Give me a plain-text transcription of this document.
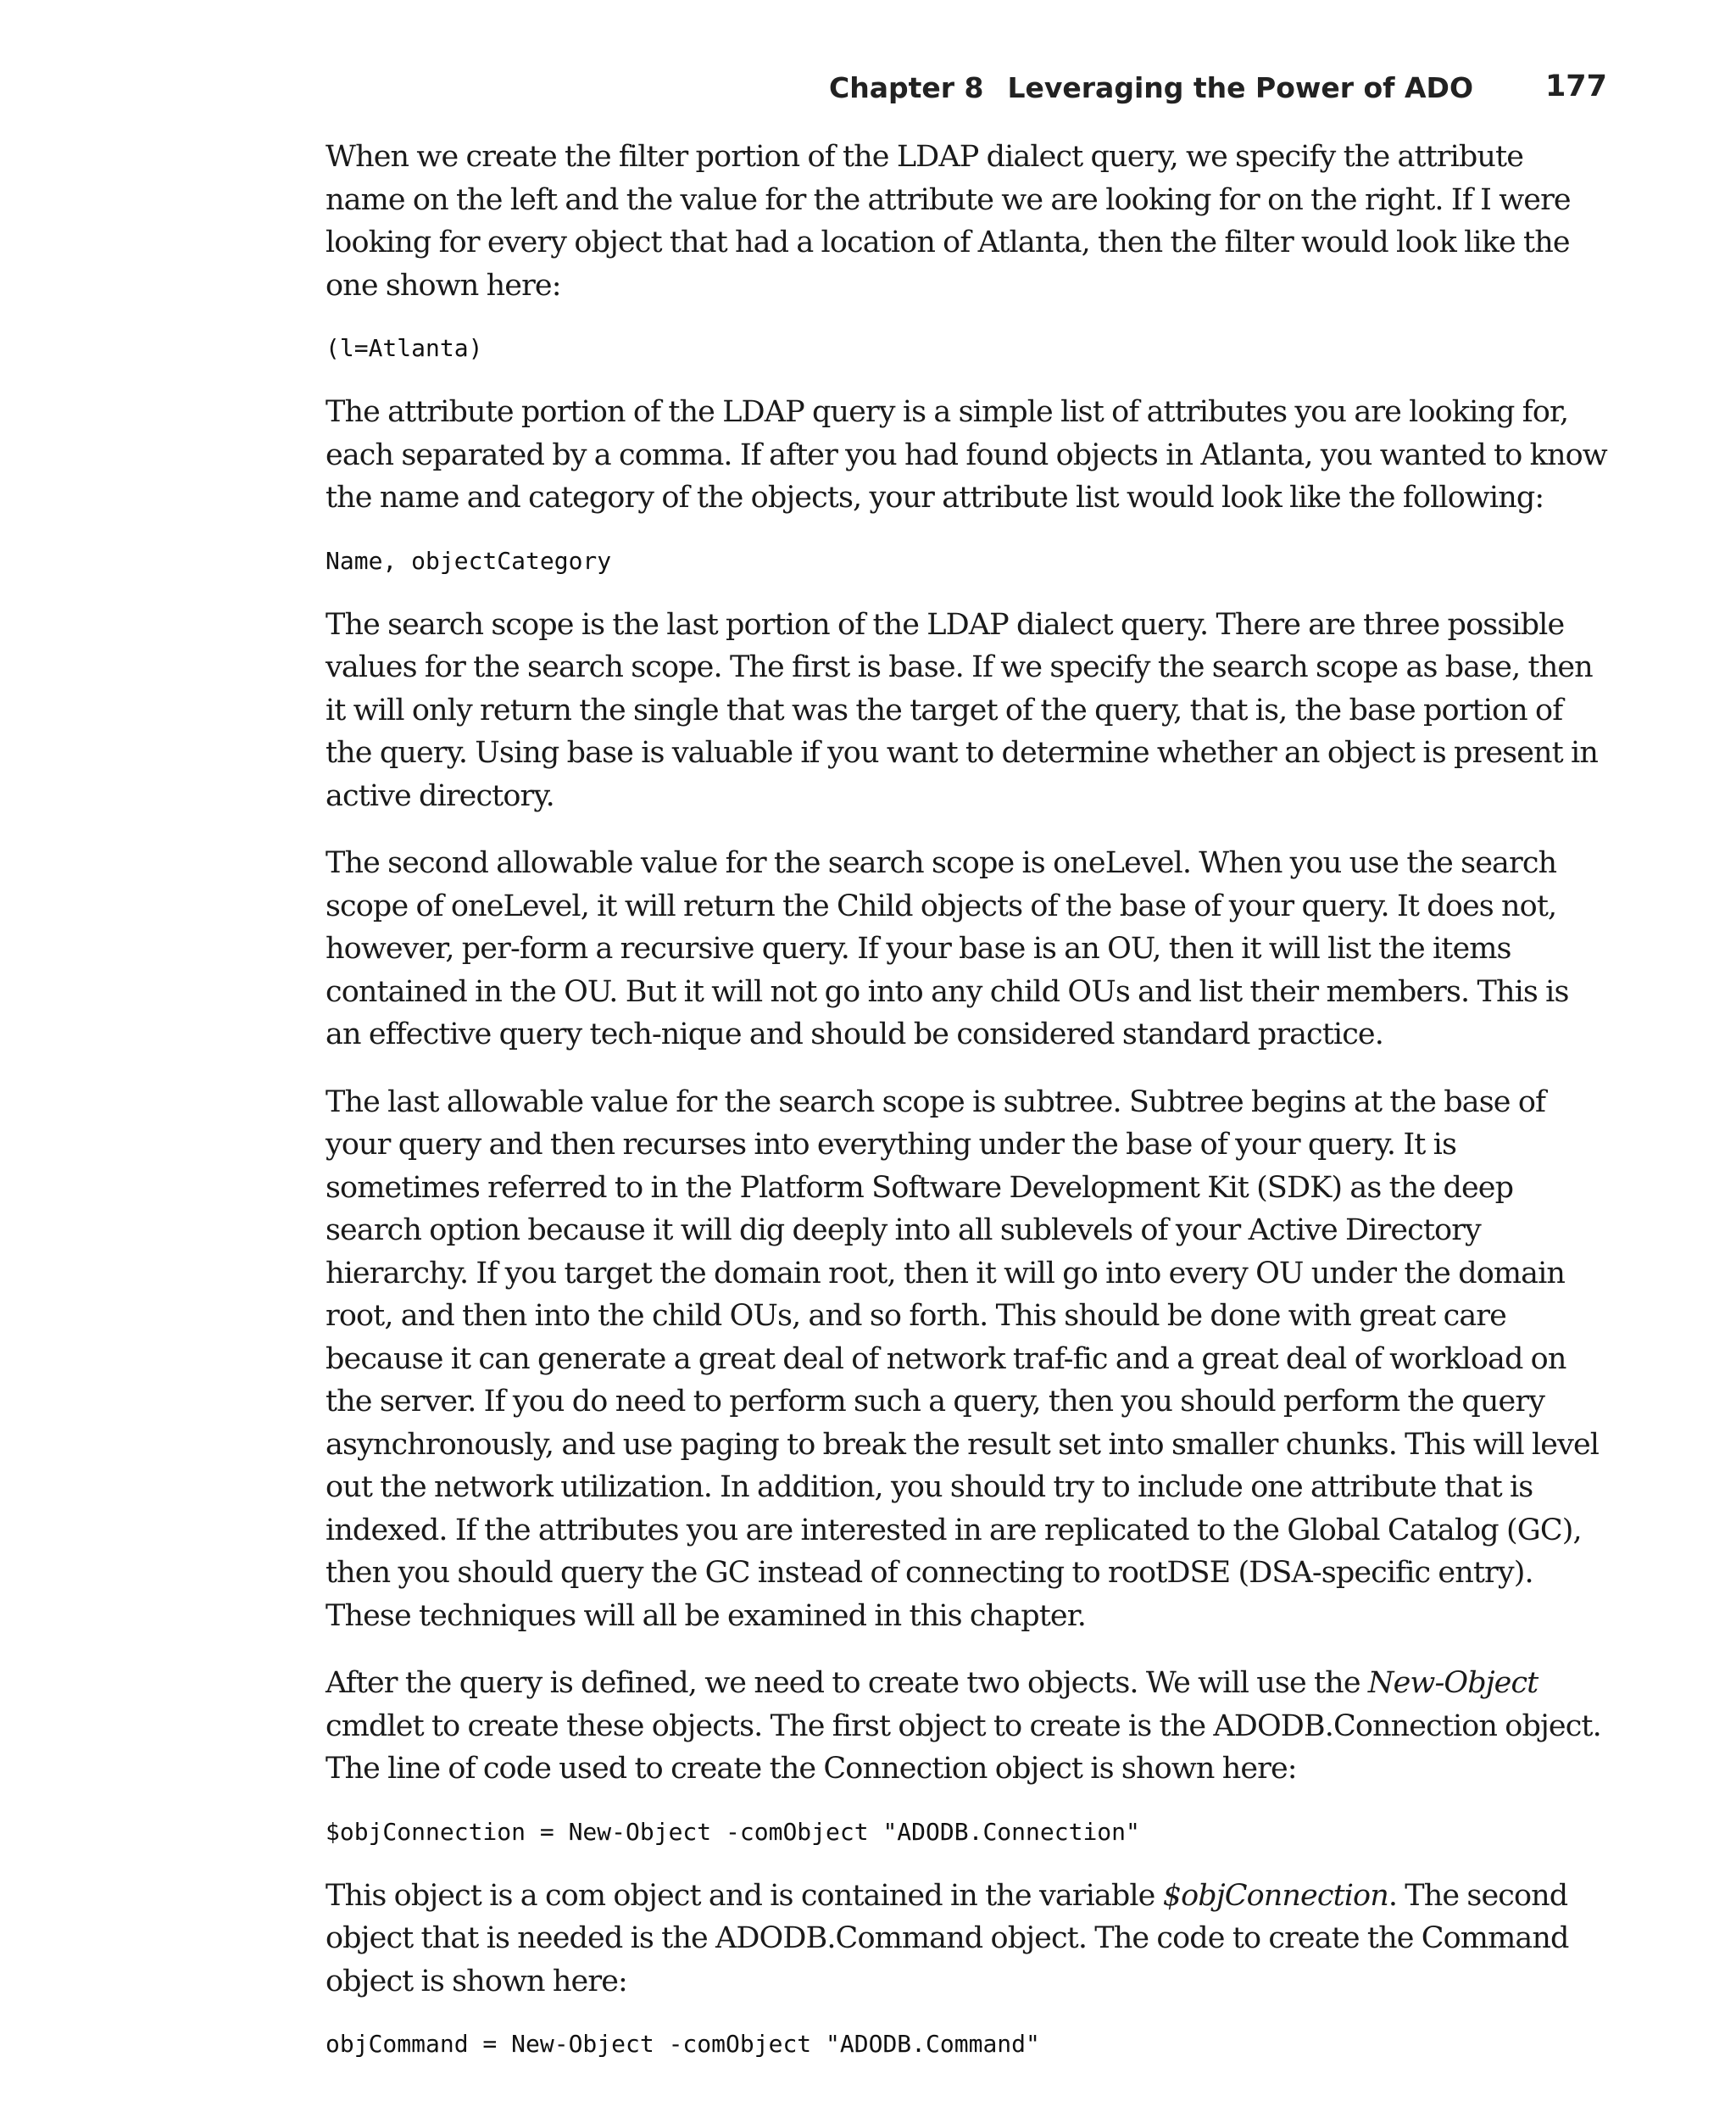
Chapter 8 Leveraging the Power of ADO 177

When we create the filter portion of the LDAP dialect query, we specify the attribute name on the left and the value for the attribute we are looking for on the right. If I were looking for every object that had a location of Atlanta, then the filter would look like the one shown here:

(l=Atlanta)

The attribute portion of the LDAP query is a simple list of attributes you are looking for, each separated by a comma. If after you had found objects in Atlanta, you wanted to know the name and category of the objects, your attribute list would look like the following:

Name, objectCategory

The search scope is the last portion of the LDAP dialect query. There are three possible values for the search scope. The first is base. If we specify the search scope as base, then it will only return the single that was the target of the query, that is, the base portion of the query. Using base is valuable if you want to determine whether an object is present in active directory.

The second allowable value for the search scope is oneLevel. When you use the search scope of oneLevel, it will return the Child objects of the base of your query. It does not, however, per-form a recursive query. If your base is an OU, then it will list the items contained in the OU. But it will not go into any child OUs and list their members. This is an effective query tech-nique and should be considered standard practice.

The last allowable value for the search scope is subtree. Subtree begins at the base of your query and then recurses into everything under the base of your query. It is sometimes referred to in the Platform Software Development Kit (SDK) as the deep search option because it will dig deeply into all sublevels of your Active Directory hierarchy. If you target the domain root, then it will go into every OU under the domain root, and then into the child OUs, and so forth. This should be done with great care because it can generate a great deal of network traf-fic and a great deal of workload on the server. If you do need to perform such a query, then you should perform the query asynchronously, and use paging to break the result set into smaller chunks. This will level out the network utilization. In addition, you should try to include one attribute that is indexed. If the attributes you are interested in are replicated to the Global Catalog (GC), then you should query the GC instead of connecting to rootDSE (DSA-specific entry). These techniques will all be examined in this chapter.

After the query is defined, we need to create two objects. We will use the New-Object cmdlet to create these objects. The first object to create is the ADODB.Connection object. The line of code used to create the Connection object is shown here:

$objConnection = New-Object -comObject "ADODB.Connection"

This object is a com object and is contained in the variable $objConnection. The second object that is needed is the ADODB.Command object. The code to create the Command object is shown here:

objCommand = New-Object -comObject "ADODB.Command"
